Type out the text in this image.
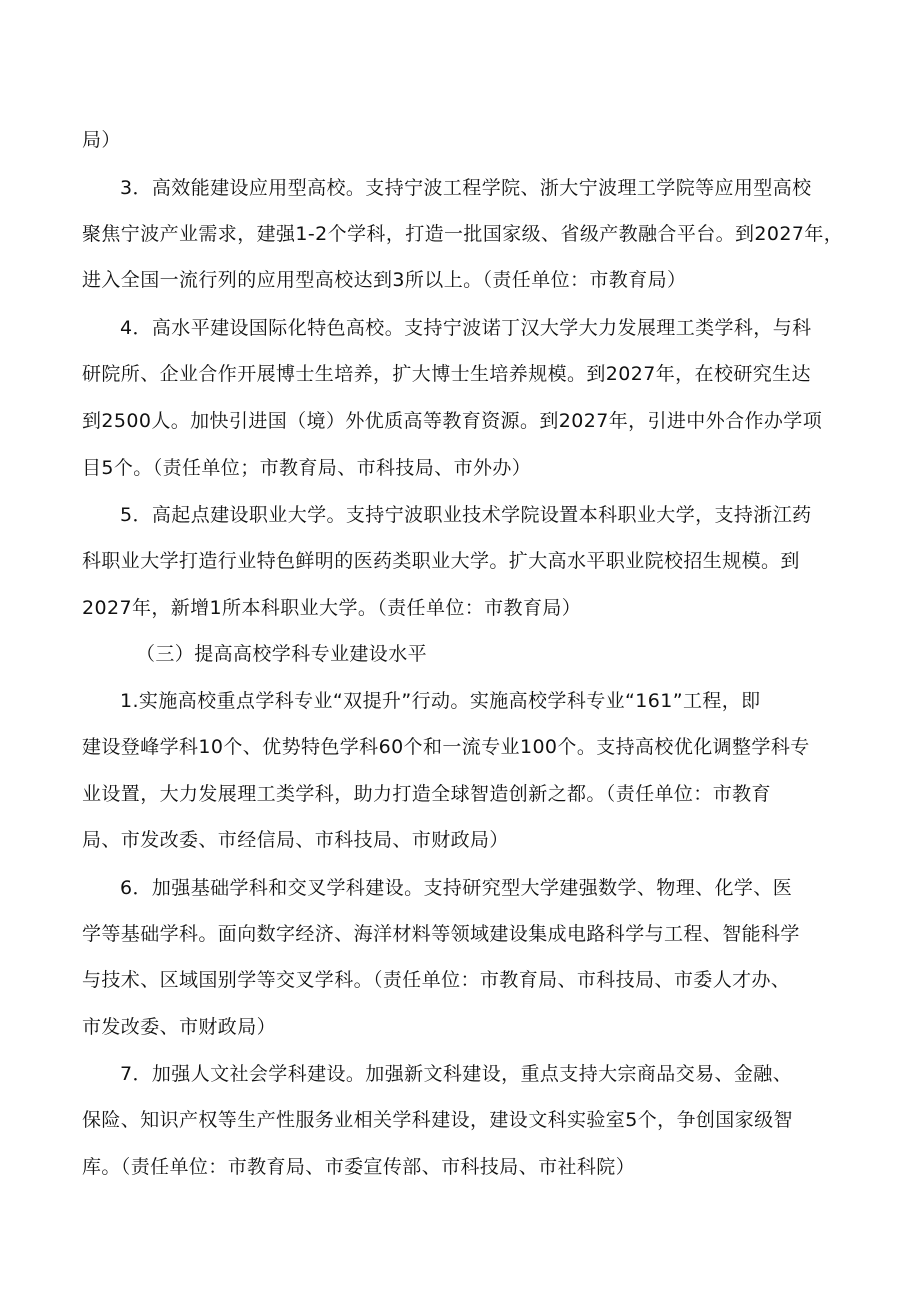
局）
3．高效能建设应用型高校。支持宁波工程学院、浙大宁波理工学院等应用型高校
聚焦宁波产业需求，建强1-2个学科，打造一批国家级、省级产教融合平台。到2027年，
进入全国一流行列的应用型高校达到3所以上。（责任单位：市教育局）
4．高水平建设国际化特色高校。支持宁波诺丁汉大学大力发展理工类学科，与科
研院所、企业合作开展博士生培养，扩大博士生培养规模。到2027年，在校研究生达
到2500人。加快引进国（境）外优质高等教育资源。到2027年，引进中外合作办学项
目5个。（责任单位；市教育局、市科技局、市外办）
5．高起点建设职业大学。支持宁波职业技术学院设置本科职业大学，支持浙江药
科职业大学打造行业特色鲜明的医药类职业大学。扩大高水平职业院校招生规模。到
2027年，新增1所本科职业大学。（责任单位：市教育局）
（三）提高高校学科专业建设水平
1.实施高校重点学科专业“双提升”行动。实施高校学科专业“161”工程，即
建设登峰学科10个、优势特色学科60个和一流专业100个。支持高校优化调整学科专
业设置，大力发展理工类学科，助力打造全球智造创新之都。（责任单位：市教育
局、市发改委、市经信局、市科技局、市财政局）
6．加强基础学科和交叉学科建设。支持研究型大学建强数学、物理、化学、医
学等基础学科。面向数字经济、海洋材料等领域建设集成电路科学与工程、智能科学
与技术、区域国别学等交叉学科。（责任单位：市教育局、市科技局、市委人才办、
市发改委、市财政局）
7．加强人文社会学科建设。加强新文科建设，重点支持大宗商品交易、金融、
保险、知识产权等生产性服务业相关学科建设，建设文科实验室5个，争创国家级智
库。（责任单位：市教育局、市委宣传部、市科技局、市社科院）
